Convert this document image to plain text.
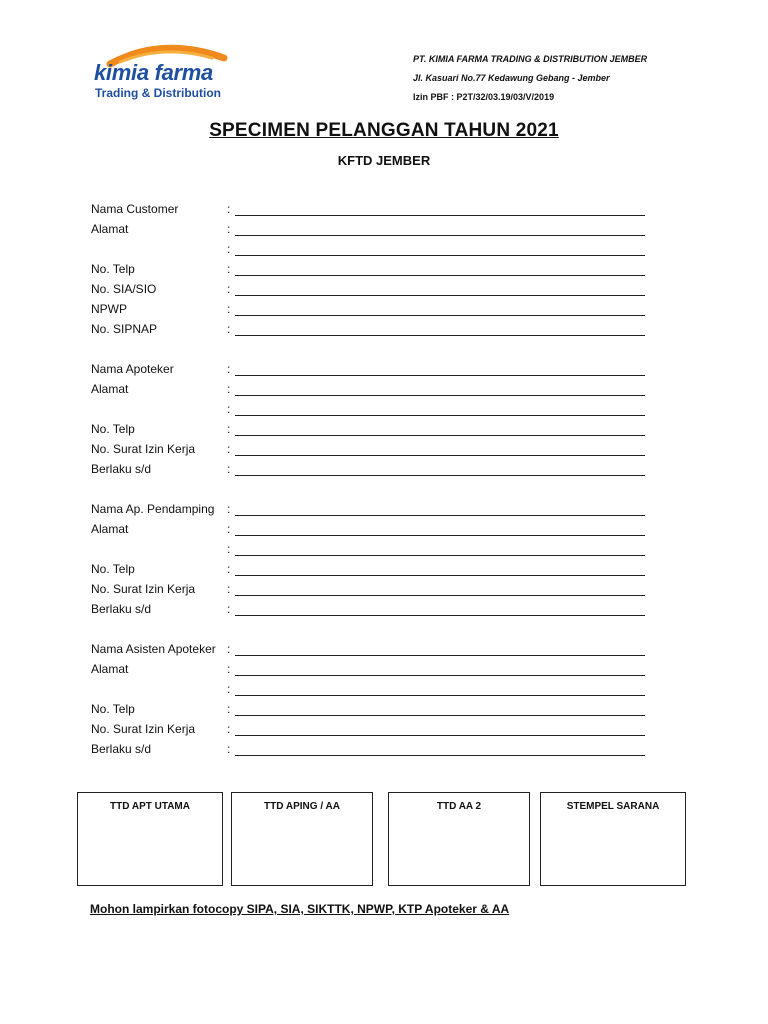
kimia farma
Trading & Distribution
PT. KIMIA FARMA TRADING & DISTRIBUTION JEMBER
Jl. Kasuari No.77 Kedawung Gebang - Jember
Izin PBF : P2T/32/03.19/03/V/2019
SPECIMEN PELANGGAN TAHUN 2021
KFTD JEMBER
Nama Customer	:
Alamat	:
:
No. Telp	:
No. SIA/SIO	:
NPWP	:
No. SIPNAP	:
Nama Apoteker	:
Alamat	:
:
No. Telp	:
No. Surat Izin Kerja	:
Berlaku s/d	:
Nama Ap. Pendamping :
Alamat	:
:
No. Telp	:
No. Surat Izin Kerja	:
Berlaku s/d	:
Nama Asisten Apoteker :
Alamat	:
:
No. Telp	:
No. Surat Izin Kerja	:
Berlaku s/d	:
TTD APT UTAMA	TTD APING / AA	TTD AA 2	STEMPEL SARANA
Mohon lampirkan fotocopy SIPA, SIA, SIKTTK, NPWP, KTP Apoteker & AA
